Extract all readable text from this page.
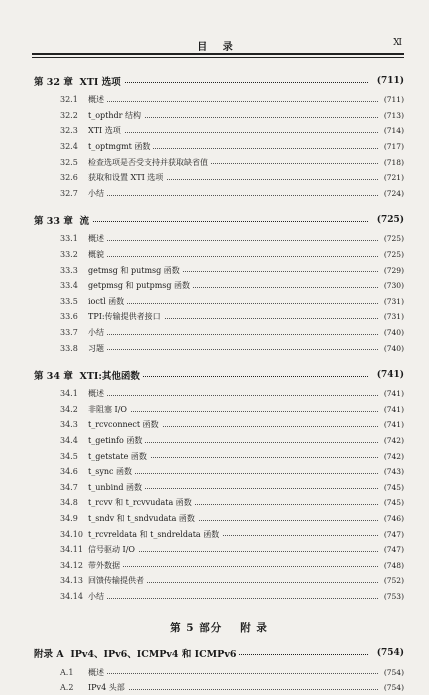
目 录	Ⅺ
第 32 章 XTI 选项	(711)
32.1	概述	(711)
32.2	t_opthdr 结构	(713)
32.3	XTI 选项	(714)
32.4	t_optmgmt 函数	(717)
32.5	检查选项是否受支持并获取缺省值	(718)
32.6	获取和设置 XTI 选项	(721)
32.7	小结	(724)
第 33 章 流	(725)
33.1	概述	(725)
33.2	概貌	(725)
33.3	getmsg 和 putmsg 函数	(729)
33.4	getpmsg 和 putpmsg 函数	(730)
33.5	ioctl 函数	(731)
33.6	TPI:传输提供者接口	(731)
33.7	小结	(740)
33.8	习题	(740)
第 34 章 XTI:其他函数	(741)
34.1	概述	(741)
34.2	非阻塞 I/O	(741)
34.3	t_rcvconnect 函数	(741)
34.4	t_getinfo 函数	(742)
34.5	t_getstate 函数	(742)
34.6	t_sync 函数	(743)
34.7	t_unbind 函数	(745)
34.8	t_rcvv 和 t_rcvvudata 函数	(745)
34.9	t_sndv 和 t_sndvudata 函数	(746)
34.10 t_rcvreldata 和 t_sndreldata 函数	(747)
34.11 信号驱动 I/O	(747)
34.12 带外数据	(748)
34.13 回馈传输提供者	(752)
34.14 小结	(753)
第 5 部分 附 录
附录 A IPv4、IPv6、ICMPv4 和 ICMPv6	(754)
A.1	概述	(754)
A.2	IPv4 头部	(754)
